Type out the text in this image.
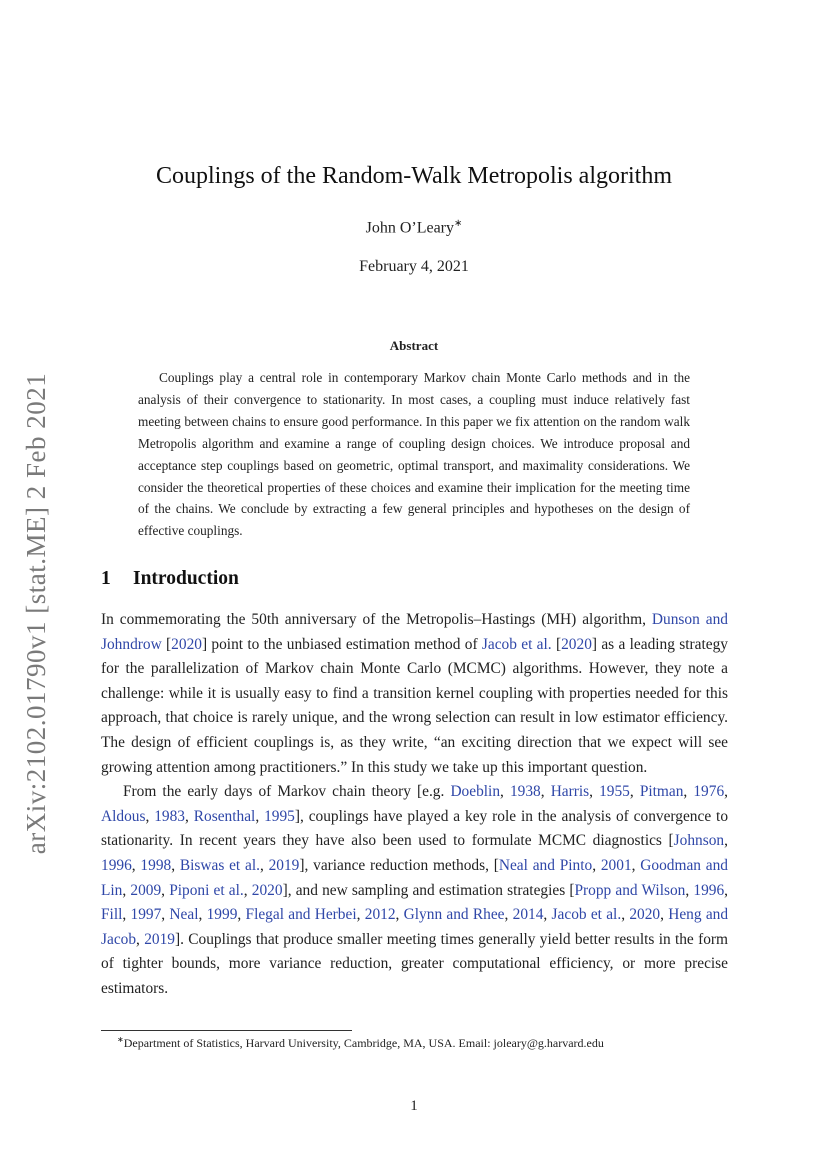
arXiv:2102.01790v1 [stat.ME] 2 Feb 2021
Couplings of the Random-Walk Metropolis algorithm
John O’Leary∗
February 4, 2021
Abstract
Couplings play a central role in contemporary Markov chain Monte Carlo methods and in the analysis of their convergence to stationarity. In most cases, a coupling must induce relatively fast meeting between chains to ensure good performance. In this paper we fix attention on the random walk Metropolis algorithm and examine a range of coupling design choices. We introduce proposal and acceptance step couplings based on geometric, optimal transport, and maximality considerations. We consider the theoretical properties of these choices and examine their implication for the meeting time of the chains. We conclude by extracting a few general principles and hypotheses on the design of effective couplings.
1 Introduction

In commemorating the 50th anniversary of the Metropolis–Hastings (MH) algorithm, Dunson and Johndrow [2020] point to the unbiased estimation method of Jacob et al. [2020] as a leading strategy for the parallelization of Markov chain Monte Carlo (MCMC) algorithms. However, they note a challenge: while it is usually easy to find a transition kernel coupling with properties needed for this approach, that choice is rarely unique, and the wrong selection can result in low estimator efficiency. The design of efficient couplings is, as they write, “an exciting direction that we expect will see growing attention among practitioners.” In this study we take up this important question.

From the early days of Markov chain theory [e.g. Doeblin, 1938, Harris, 1955, Pitman, 1976, Aldous, 1983, Rosenthal, 1995], couplings have played a key role in the analysis of convergence to stationarity. In recent years they have also been used to formulate MCMC diagnostics [Johnson, 1996, 1998, Biswas et al., 2019], variance reduction methods, [Neal and Pinto, 2001, Goodman and Lin, 2009, Piponi et al., 2020], and new sampling and estimation strategies [Propp and Wilson, 1996, Fill, 1997, Neal, 1999, Flegal and Herbei, 2012, Glynn and Rhee, 2014, Jacob et al., 2020, Heng and Jacob, 2019]. Couplings that produce smaller meeting times generally yield better results in the form of tighter bounds, more variance reduction, greater computational efficiency, or more precise estimators.

∗Department of Statistics, Harvard University, Cambridge, MA, USA. Email: joleary@g.harvard.edu
1
